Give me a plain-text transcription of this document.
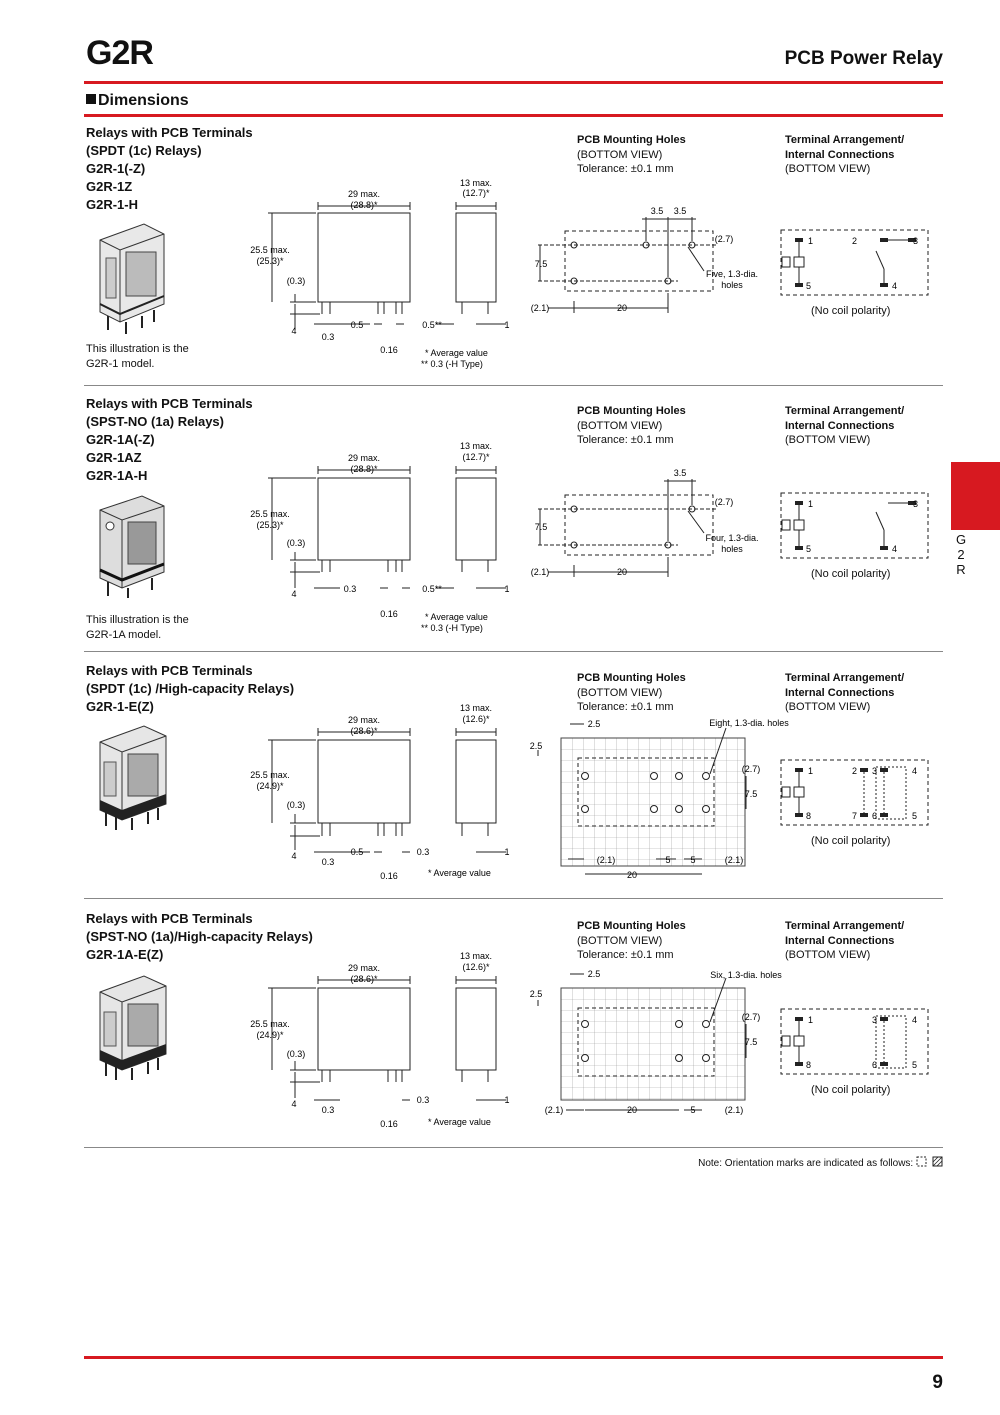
G2R	PCB Power Relay
Dimensions
Relays with PCB Terminals
(SPDT (1c) Relays)
G2R-1(-Z)
G2R-1Z
G2R-1-H
This illustration is the
G2R-1 model.
PCB Mounting Holes
(BOTTOM VIEW)
Tolerance: ±0.1 mm
Terminal Arrangement/
Internal Connections
(BOTTOM VIEW)
29 max.
(28.8)*
13 max.
(12.7)*
25.5 max.
(25.3)*
(0.3)
4
0.5
0.3
0.16
0.5**	1
* Average value
** 0.3 (-H Type)
3.5 3.5
(2.7)
7.5
Five, 1.3-dia.
holes
(2.1)	20
1	2	3
5	4
(No coil polarity)
Relays with PCB Terminals
(SPST-NO (1a) Relays)
G2R-1A(-Z)
G2R-1AZ
G2R-1A-H
This illustration is the
G2R-1A model.
PCB Mounting Holes
(BOTTOM VIEW)
Tolerance: ±0.1 mm
Terminal Arrangement/
Internal Connections
(BOTTOM VIEW)
29 max.
(28.8)*
13 max.
(12.7)*
25.5 max.
(25.3)*
(0.3)
4	0.3
0.16
0.5**	1
* Average value
** 0.3 (-H Type)
3.5
(2.7)
7.5
Four, 1.3-dia.
holes
(2.1)	20
1	3
5	4
(No coil polarity)
Relays with PCB Terminals
(SPDT (1c) /High-capacity Relays)
G2R-1-E(Z)
PCB Mounting Holes
(BOTTOM VIEW)
Tolerance: ±0.1 mm
Terminal Arrangement/
Internal Connections
(BOTTOM VIEW)
29 max.
(28.6)*
13 max.
(12.6)*
25.5 max.
(24.9)*
(0.3)
4	0.5
0.3
0.3
0.16
1
* Average value
2.5
2.5
Eight, 1.3-dia. holes
(2.7)
7.5
(2.1)	5 5	(2.1)
20
1	2 3	4
8	7 6	5
(No coil polarity)
Relays with PCB Terminals
(SPST-NO (1a)/High-capacity Relays)
G2R-1A-E(Z)
PCB Mounting Holes
(BOTTOM VIEW)
Tolerance: ±0.1 mm
Terminal Arrangement/
Internal Connections
(BOTTOM VIEW)
29 max.
(28.6)*
13 max.
(12.6)*
25.5 max.
(24.9)*
(0.3)
4
0.3
0.3
0.16
1
* Average value
2.5
2.5
Six, 1.3-dia. holes
(2.7)
7.5
(2.1)	20	5	(2.1)
1	3	4
8	6	5
(No coil polarity)
G
2
R
Note: Orientation marks are indicated as follows:
9
